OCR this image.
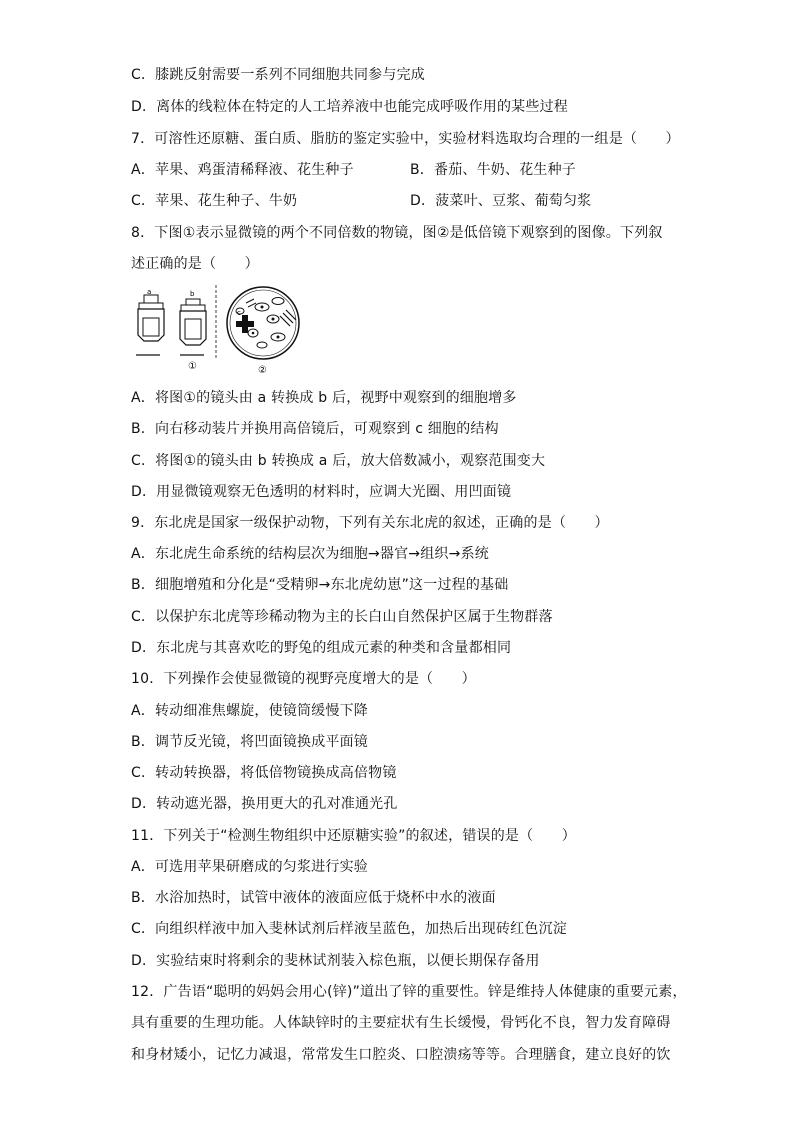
C．膝跳反射需要一系列不同细胞共同参与完成
D．离体的线粒体在特定的人工培养液中也能完成呼吸作用的某些过程
7．可溶性还原糖、蛋白质、脂肪的鉴定实验中，实验材料选取均合理的一组是（　　）
A．苹果、鸡蛋清稀释液、花生种子	B．番茄、牛奶、花生种子
C．苹果、花生种子、牛奶	D．菠菜叶、豆浆、葡萄匀浆
8．下图①表示显微镜的两个不同倍数的物镜，图②是低倍镜下观察到的图像。下列叙
述正确的是（　　）
a	b
①
c
②
A．将图①的镜头由 a 转换成 b 后，视野中观察到的细胞增多
B．向右移动装片并换用高倍镜后，可观察到 c 细胞的结构
C．将图①的镜头由 b 转换成 a 后，放大倍数减小，观察范围变大
D．用显微镜观察无色透明的材料时，应调大光圈、用凹面镜
9．东北虎是国家一级保护动物，下列有关东北虎的叙述，正确的是（　　）
A．东北虎生命系统的结构层次为细胞→器官→组织→系统
B．细胞增殖和分化是“受精卵→东北虎幼崽”这一过程的基础
C．以保护东北虎等珍稀动物为主的长白山自然保护区属于生物群落
D．东北虎与其喜欢吃的野兔的组成元素的种类和含量都相同
10．下列操作会使显微镜的视野亮度增大的是（　　）
A．转动细准焦螺旋，使镜筒缓慢下降
B．调节反光镜，将凹面镜换成平面镜
C．转动转换器，将低倍物镜换成高倍物镜
D．转动遮光器，换用更大的孔对准通光孔
11．下列关于“检测生物组织中还原糖实验”的叙述，错误的是（　　）
A．可选用苹果研磨成的匀浆进行实验
B．水浴加热时，试管中液体的液面应低于烧杯中水的液面
C．向组织样液中加入斐林试剂后样液呈蓝色，加热后出现砖红色沉淀
D．实验结束时将剩余的斐林试剂装入棕色瓶，以便长期保存备用
12．广告语“聪明的妈妈会用心(锌)”道出了锌的重要性。锌是维持人体健康的重要元素，
具有重要的生理功能。人体缺锌时的主要症状有生长缓慢，骨钙化不良，智力发育障碍
和身材矮小，记忆力减退，常常发生口腔炎、口腔溃疡等等。合理膳食，建立良好的饮
